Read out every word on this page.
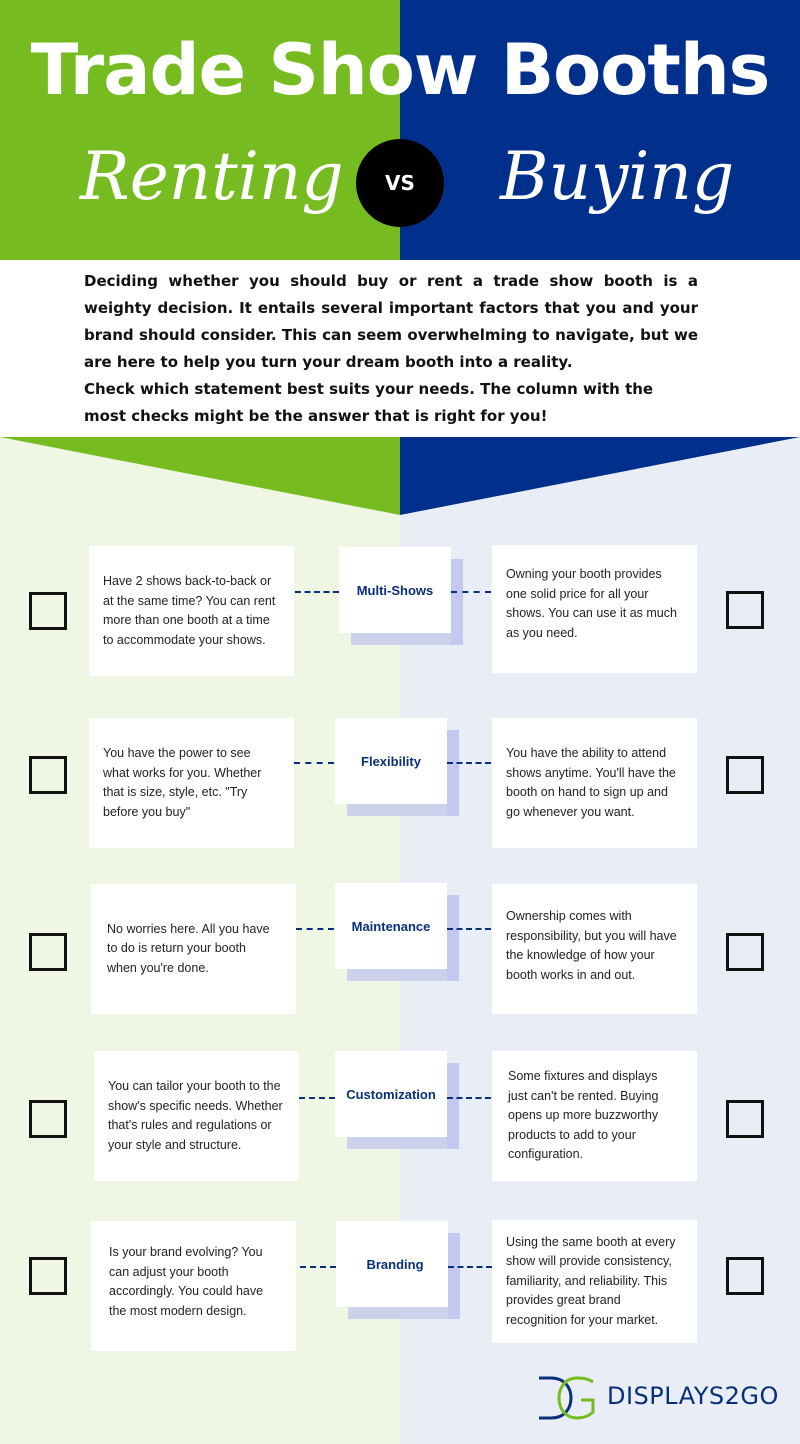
Trade Show Booths
Renting	VS	Buying

Deciding whether you should buy or rent a trade show booth is a weighty decision. It entails several important factors that you and your brand should consider. This can seem overwhelming to navigate, but we are here to help you turn your dream booth into a reality.

Check which statement best suits your needs. The column with the most checks might be the answer that is right for you!

Have 2 shows back-to-back or at the same time? You can rent more than one booth at a time to accommodate your shows.
Multi-Shows
Owning your booth provides one solid price for all your shows. You can use it as much as you need.
You have the power to see what works for you. Whether that is size, style, etc. "Try before you buy"
Flexibility
You have the ability to attend shows anytime. You'll have the booth on hand to sign up and go whenever you want.
No worries here. All you have to do is return your booth when you're done.
Maintenance
Ownership comes with responsibility, but you will have the knowledge of how your booth works in and out.
You can tailor your booth to the show's specific needs. Whether that's rules and regulations or your style and structure.
Customization
Some fixtures and displays just can't be rented. Buying opens up more buzzworthy products to add to your configuration.
Is your brand evolving? You can adjust your booth accordingly. You could have the most modern design.
Branding
Using the same booth at every show will provide consistency, familiarity, and reliability. This provides great brand recognition for your market.
DISPLAYS2GO
